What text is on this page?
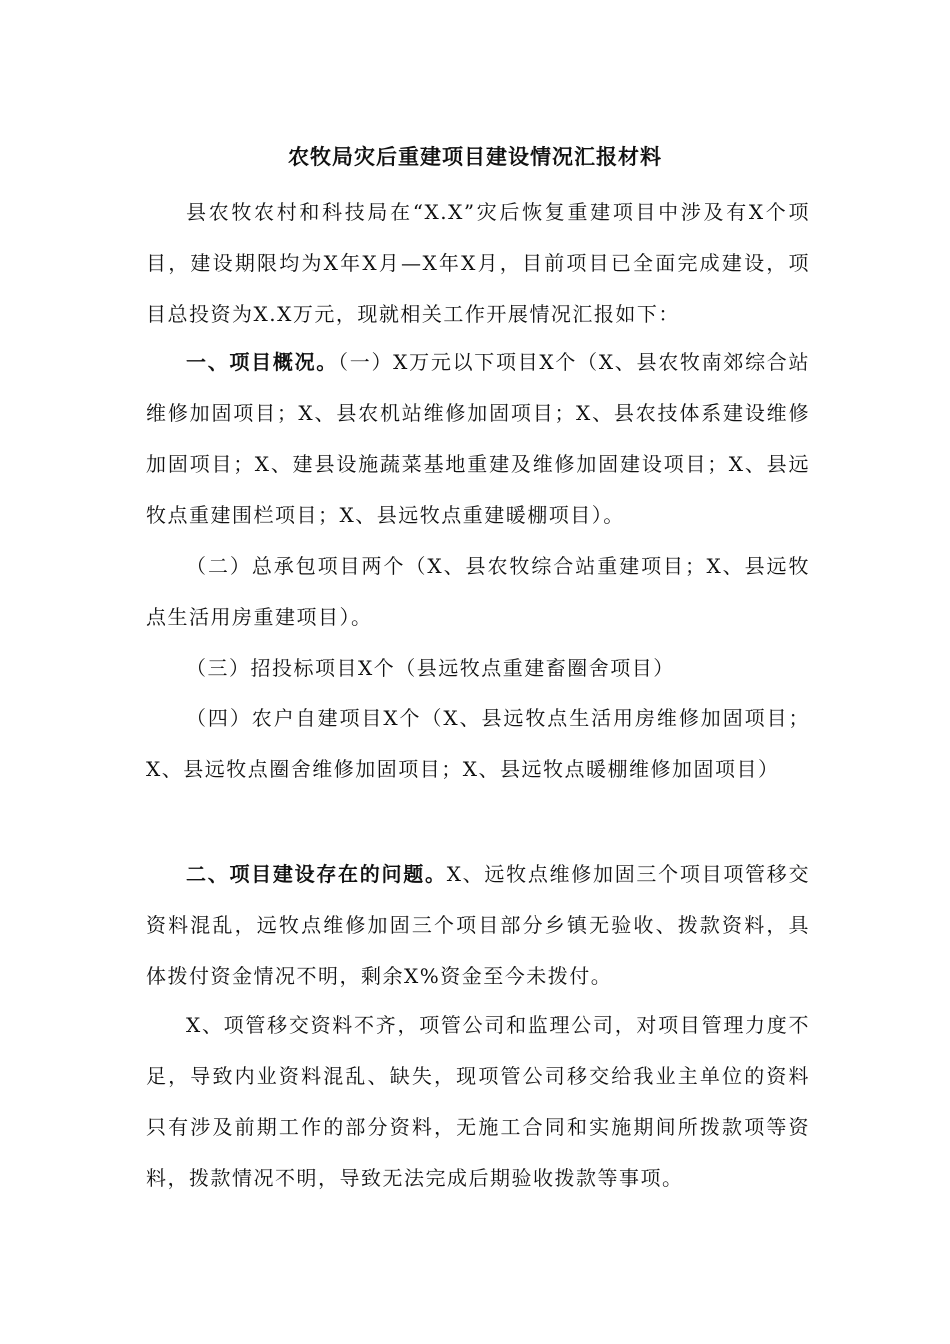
农牧局灾后重建项目建设情况汇报材料

县农牧农村和科技局在“X.X”灾后恢复重建项目中涉及有X个项目，建设期限均为X年X月—X年X月，目前项目已全面完成建设，项目总投资为X.X万元，现就相关工作开展情况汇报如下：

一、项目概况。（一）X万元以下项目X个（X、县农牧南郊综合站维修加固项目；X、县农机站维修加固项目；X、县农技体系建设维修加固项目；X、建县设施蔬菜基地重建及维修加固建设项目；X、县远牧点重建围栏项目；X、县远牧点重建暖棚项目）。

（二）总承包项目两个（X、县农牧综合站重建项目；X、县远牧点生活用房重建项目）。

（三）招投标项目X个（县远牧点重建畜圈舍项目）

（四）农户自建项目X个（X、县远牧点生活用房维修加固项目；X、县远牧点圈舍维修加固项目；X、县远牧点暖棚维修加固项目）

二、项目建设存在的问题。X、远牧点维修加固三个项目项管移交资料混乱，远牧点维修加固三个项目部分乡镇无验收、拨款资料，具体拨付资金情况不明，剩余X%资金至今未拨付。

X、项管移交资料不齐，项管公司和监理公司，对项目管理力度不足，导致内业资料混乱、缺失，现项管公司移交给我业主单位的资料只有涉及前期工作的部分资料，无施工合同和实施期间所拨款项等资料，拨款情况不明，导致无法完成后期验收拨款等事项。
